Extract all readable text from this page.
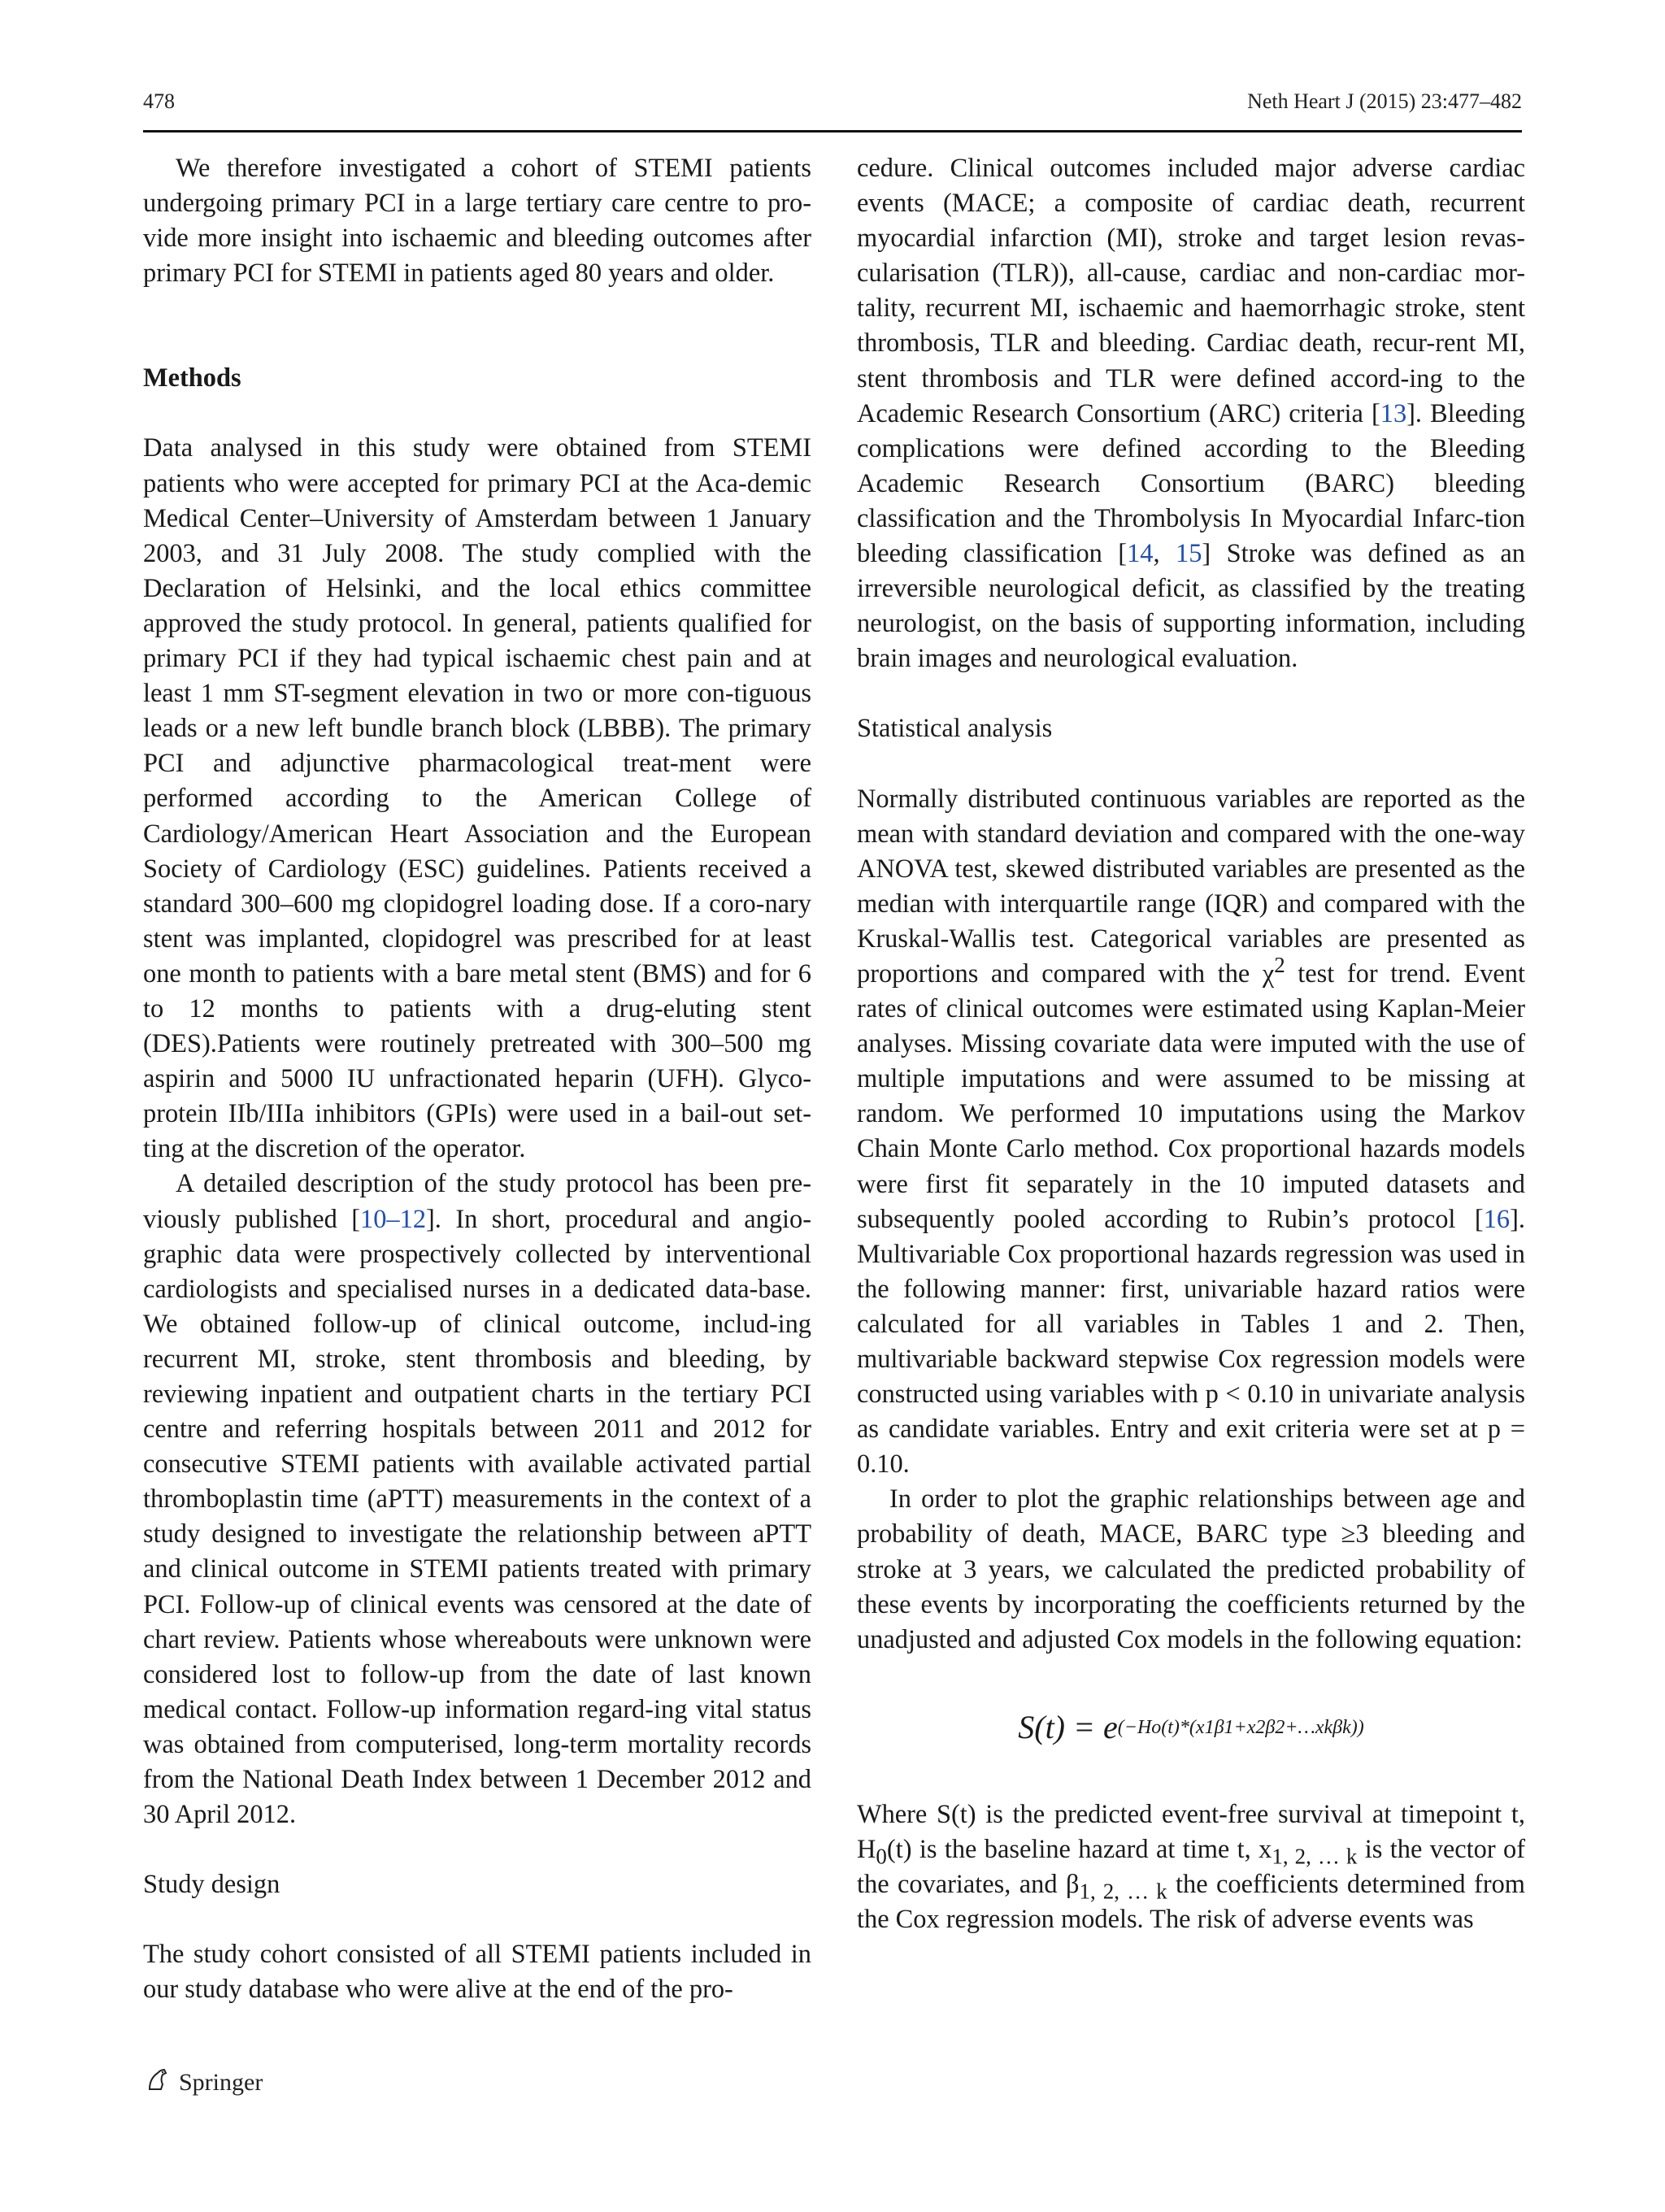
478	Neth Heart J (2015) 23:477–482

We therefore investigated a cohort of STEMI patients undergoing primary PCI in a large tertiary care centre to pro-vide more insight into ischaemic and bleeding outcomes after primary PCI for STEMI in patients aged 80 years and older.

Methods

Data analysed in this study were obtained from STEMI patients who were accepted for primary PCI at the Aca-demic Medical Center–University of Amsterdam between 1 January 2003, and 31 July 2008. The study complied with the Declaration of Helsinki, and the local ethics committee approved the study protocol. In general, patients qualified for primary PCI if they had typical ischaemic chest pain and at least 1 mm ST-segment elevation in two or more con-tiguous leads or a new left bundle branch block (LBBB). The primary PCI and adjunctive pharmacological treat-ment were performed according to the American College of Cardiology/American Heart Association and the European Society of Cardiology (ESC) guidelines. Patients received a standard 300–600 mg clopidogrel loading dose. If a coro-nary stent was implanted, clopidogrel was prescribed for at least one month to patients with a bare metal stent (BMS) and for 6 to 12 months to patients with a drug-eluting stent (DES).Patients were routinely pretreated with 300–500 mg aspirin and 5000 IU unfractionated heparin (UFH). Glyco-protein IIb/IIIa inhibitors (GPIs) were used in a bail-out set-ting at the discretion of the operator.

A detailed description of the study protocol has been pre-viously published [10–12]. In short, procedural and angio-graphic data were prospectively collected by interventional cardiologists and specialised nurses in a dedicated data-base. We obtained follow-up of clinical outcome, includ-ing recurrent MI, stroke, stent thrombosis and bleeding, by reviewing inpatient and outpatient charts in the tertiary PCI centre and referring hospitals between 2011 and 2012 for consecutive STEMI patients with available activated partial thromboplastin time (aPTT) measurements in the context of a study designed to investigate the relationship between aPTT and clinical outcome in STEMI patients treated with primary PCI. Follow-up of clinical events was censored at the date of chart review. Patients whose whereabouts were unknown were considered lost to follow-up from the date of last known medical contact. Follow-up information regard-ing vital status was obtained from computerised, long-term mortality records from the National Death Index between 1 December 2012 and 30 April 2012.

Study design

The study cohort consisted of all STEMI patients included in our study database who were alive at the end of the pro-

cedure. Clinical outcomes included major adverse cardiac events (MACE; a composite of cardiac death, recurrent myocardial infarction (MI), stroke and target lesion revas-cularisation (TLR)), all-cause, cardiac and non-cardiac mor-tality, recurrent MI, ischaemic and haemorrhagic stroke, stent thrombosis, TLR and bleeding. Cardiac death, recur-rent MI, stent thrombosis and TLR were defined accord-ing to the Academic Research Consortium (ARC) criteria [13]. Bleeding complications were defined according to the Bleeding Academic Research Consortium (BARC) bleeding classification and the Thrombolysis In Myocardial Infarc-tion bleeding classification [14, 15] Stroke was defined as an irreversible neurological deficit, as classified by the treating neurologist, on the basis of supporting information, including brain images and neurological evaluation.

Statistical analysis

Normally distributed continuous variables are reported as the mean with standard deviation and compared with the one-way ANOVA test, skewed distributed variables are presented as the median with interquartile range (IQR) and compared with the Kruskal-Wallis test. Categorical variables are presented as proportions and compared with the $\chi^2$ test for trend. Event rates of clinical outcomes were estimated using Kaplan-Meier analyses. Missing covariate data were imputed with the use of multiple imputations and were assumed to be missing at random. We performed 10 imputations using the Markov Chain Monte Carlo method. Cox proportional hazards models were first fit separately in the 10 imputed datasets and subsequently pooled according to Rubin’s protocol [16]. Multivariable Cox proportional hazards regression was used in the following manner: first, univariable hazard ratios were calculated for all variables in Tables 1 and 2. Then, multivariable backward stepwise Cox regression models were constructed using variables with p < 0.10 in univariate analysis as candidate variables. Entry and exit criteria were set at p = 0.10.

In order to plot the graphic relationships between age and probability of death, MACE, BARC type ≥3 bleeding and stroke at 3 years, we calculated the predicted probability of these events by incorporating the coefficients returned by the unadjusted and adjusted Cox models in the following equation:

S(t) = e (−Ho(t)*(x1β1+x2β2+…xkβk))

Where S(t) is the predicted event-free survival at timepoint t, $H_0(t)$ is the baseline hazard at time t, $x_{1, 2, \dots k}$ is the vector of the covariates, and $\beta_{1, 2, \dots k}$ the coefficients determined from the Cox regression models. The risk of adverse events was

Springer
